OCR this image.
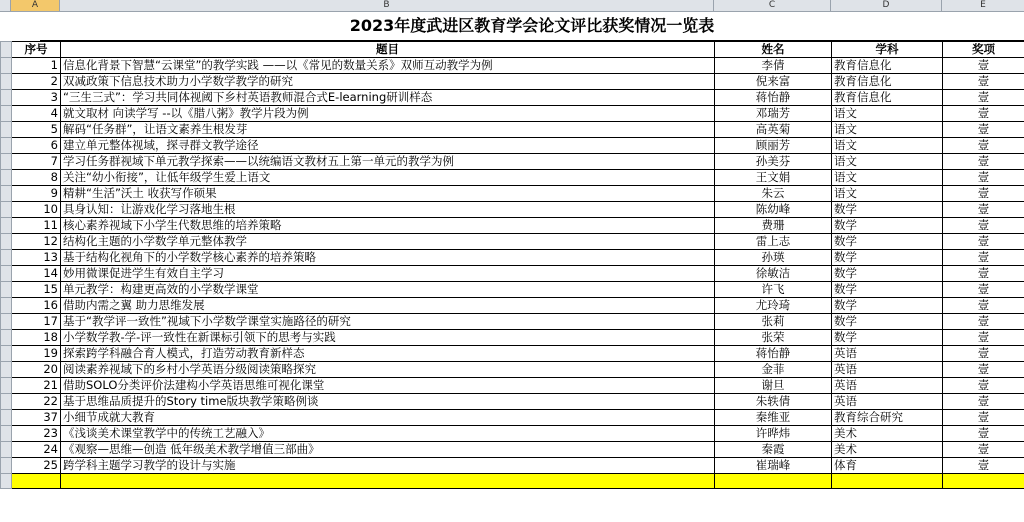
A	B	C	D	E
2023年度武进区教育学会论文评比获奖情况一览表
	序号	题目	姓名	学科	奖项
	1	信息化背景下智慧“云课堂”的教学实践 ——以《常见的数量关系》双师互动教学为例	李倩	教育信息化	壹
	2	双减政策下信息技术助力小学数学教学的研究	倪来富	教育信息化	壹
	3	“三生三式”：学习共同体视阈下乡村英语教师混合式E-learning研训样态	蒋怡静	教育信息化	壹
	4	就文取材 向读学写 --以《腊八粥》教学片段为例	邓瑞芳	语文	壹
	5	解码“任务群”，让语文素养生根发芽	高英菊	语文	壹
	6	建立单元整体视域，探寻群文教学途径	顾丽芳	语文	壹
	7	学习任务群视域下单元教学探索——以统编语文教材五上第一单元的教学为例	孙美芬	语文	壹
	8	关注“幼小衔接”，让低年级学生爱上语文	王文娟	语文	壹
	9	精耕“生活”沃土 收获写作硕果	朱云	语文	壹
	10	具身认知：让游戏化学习落地生根	陈幼峰	数学	壹
	11	核心素养视域下小学生代数思维的培养策略	费珊	数学	壹
	12	结构化主题的小学数学单元整体教学	雷上志	数学	壹
	13	基于结构化视角下的小学数学核心素养的培养策略	孙瑛	数学	壹
	14	妙用微课促进学生有效自主学习	徐敏洁	数学	壹
	15	单元教学：构建更高效的小学数学课堂	许飞	数学	壹
	16	借助内需之翼 助力思维发展	尤玲琦	数学	壹
	17	基于“教学评一致性”视域下小学数学课堂实施路径的研究	张莉	数学	壹
	18	小学数学教-学-评一致性在新课标引领下的思考与实践	张荣	数学	壹
	19	探索跨学科融合育人模式，打造劳动教育新样态	蒋怡静	英语	壹
	20	阅读素养视域下的乡村小学英语分级阅读策略探究	金菲	英语	壹
	21	借助SOLO分类评价法建构小学英语思维可视化课堂	谢旦	英语	壹
	22	基于思维品质提升的Story time版块教学策略例谈	朱轶倩	英语	壹
	37	小细节成就大教育	秦维亚	教育综合研究	壹
	23	《浅谈美术课堂教学中的传统工艺融入》	许晔炜	美术	壹
	24	《观察—思维—创造 低年级美术教学增值三部曲》	秦霞	美术	壹
	25	跨学科主题学习教学的设计与实施	崔瑞峰	体育	壹
